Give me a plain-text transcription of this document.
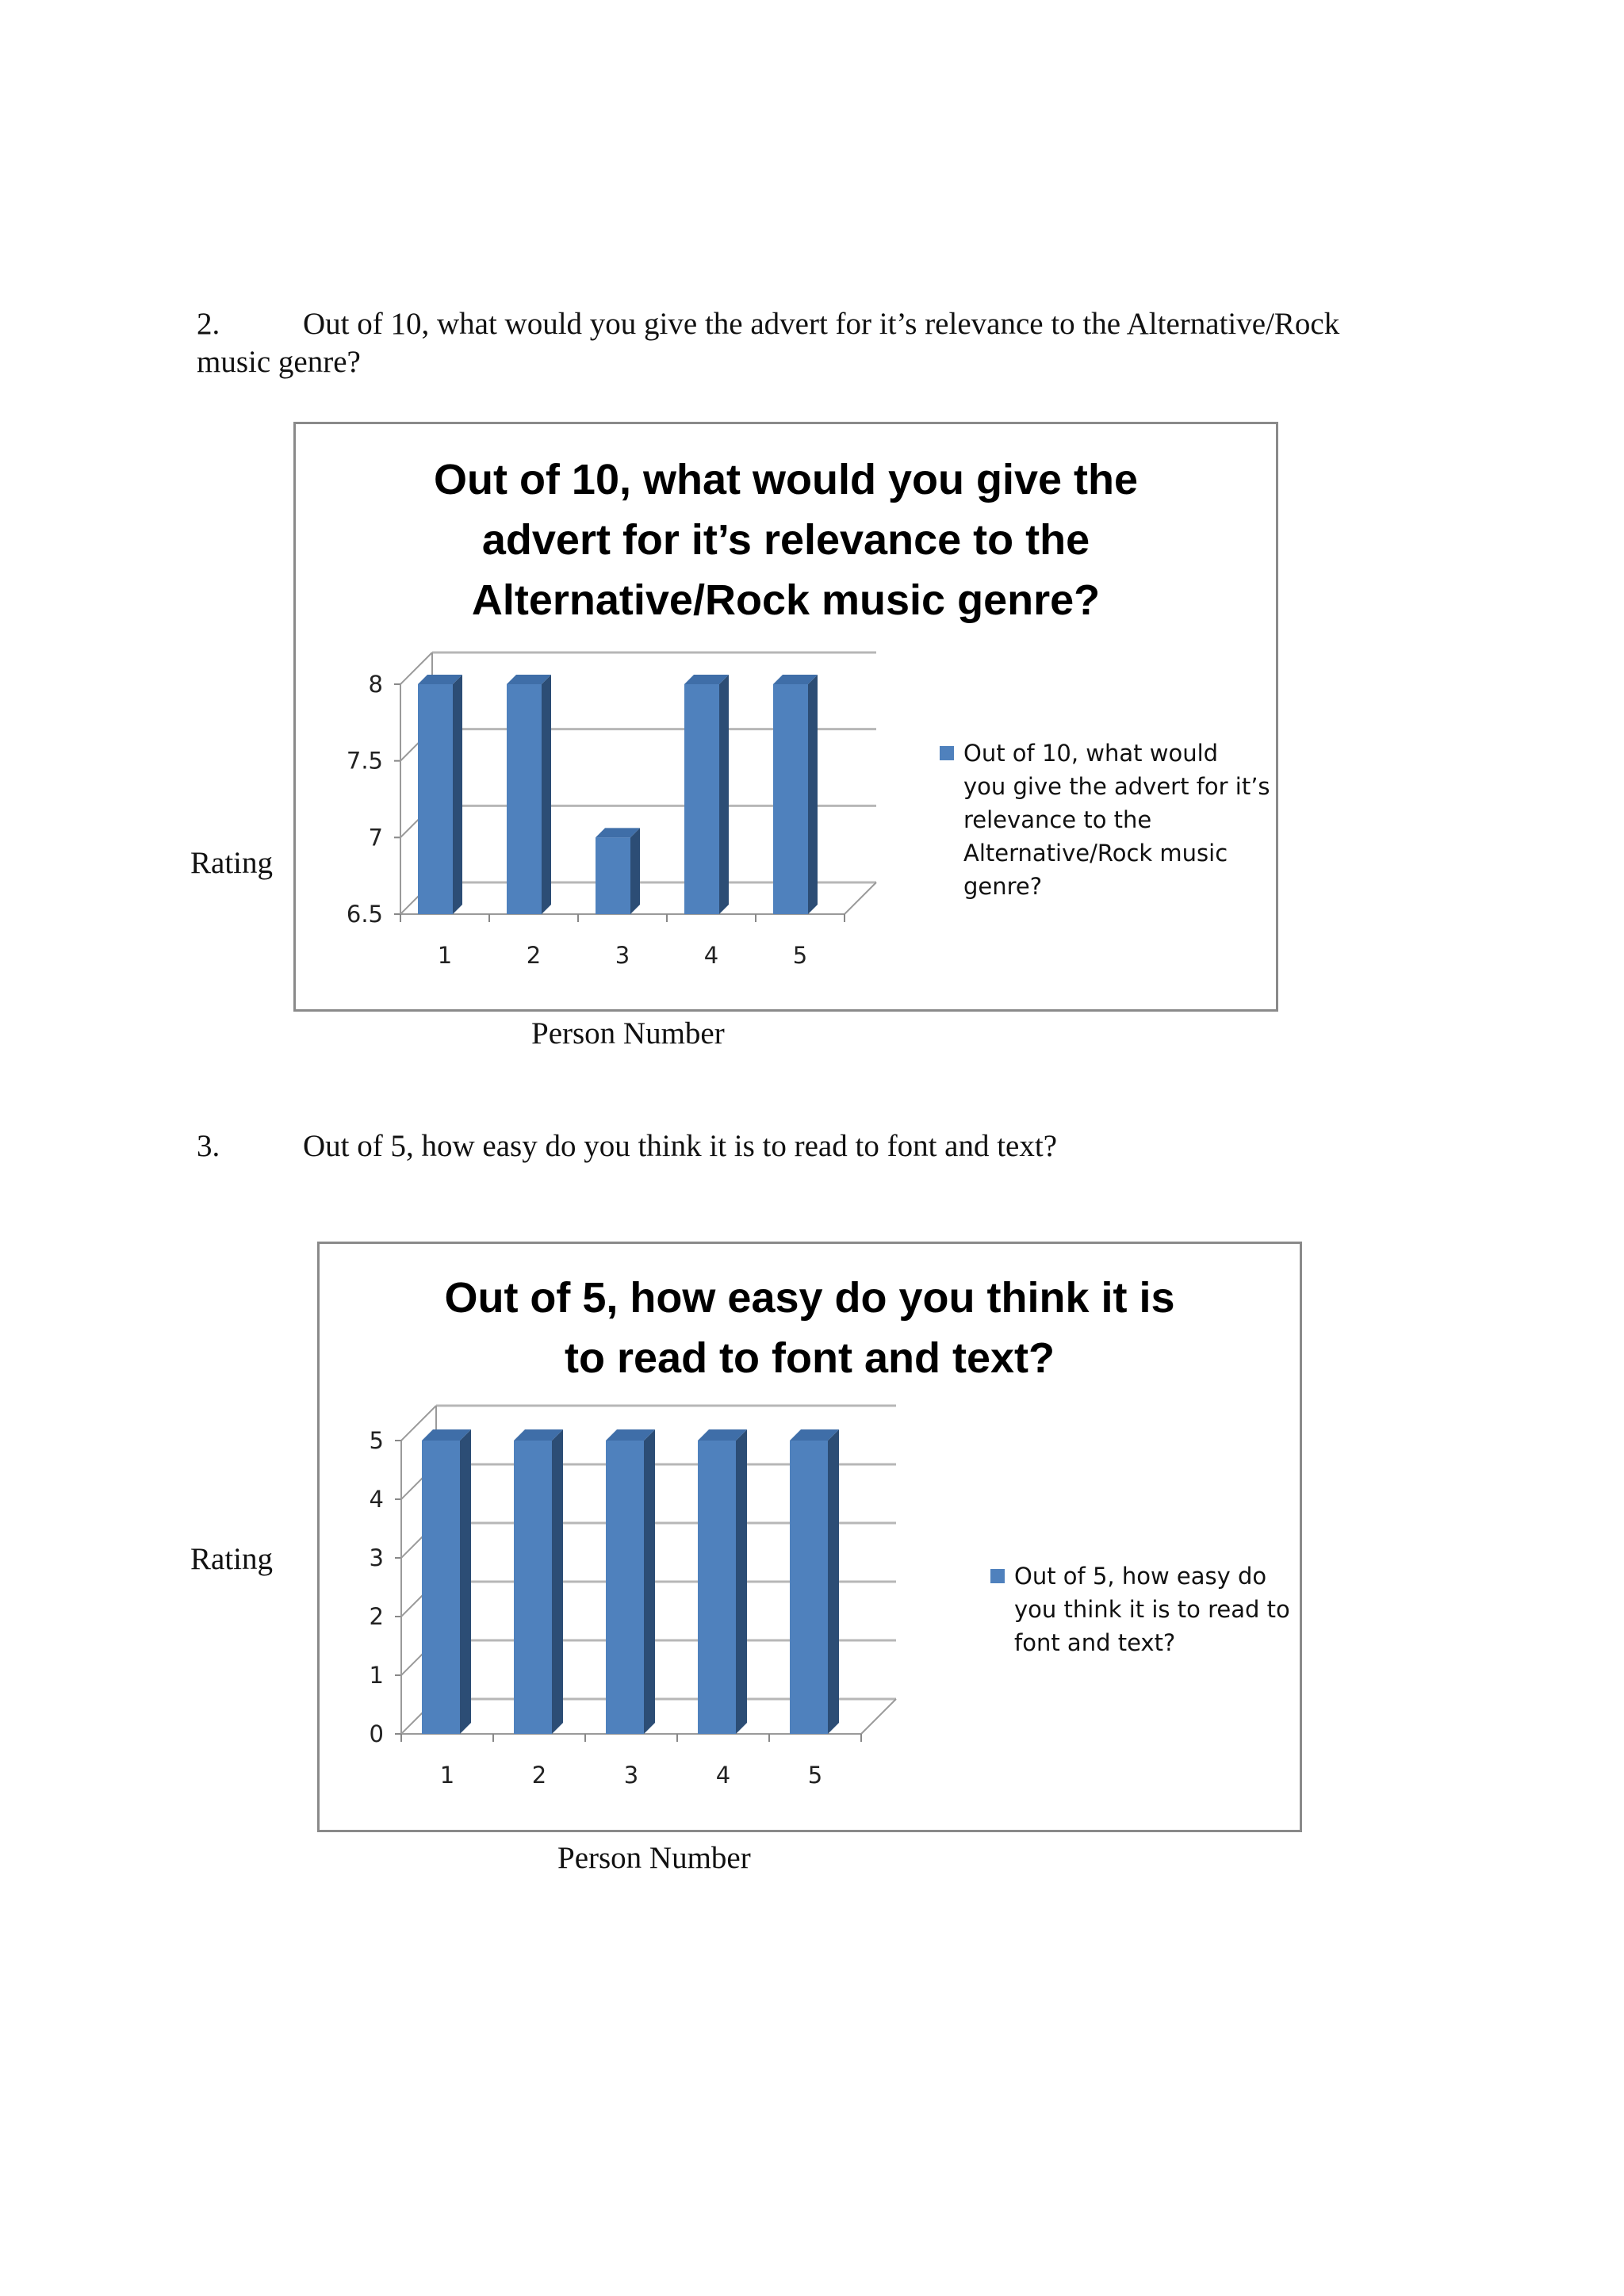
2.	Out of 10, what would you give the advert for it’s relevance to the Alternative/Rock
music genre?
Out of 10, what would you give the
advert for it’s relevance to the
Alternative/Rock music genre?
6.5
7
7.5
8
1	2	3	4	5
Out of 10, what would
you give the advert for it’s
relevance to the
Alternative/Rock music
genre?
Rating
Person Number
3.	Out of 5, how easy do you think it is to read to font and text?
Out of 5, how easy do you think it is
to read to font and text?
0
1
2
3
4
5
1	2	3	4	5
Out of 5, how easy do
you think it is to read to
font and text?
Rating
Person Number
